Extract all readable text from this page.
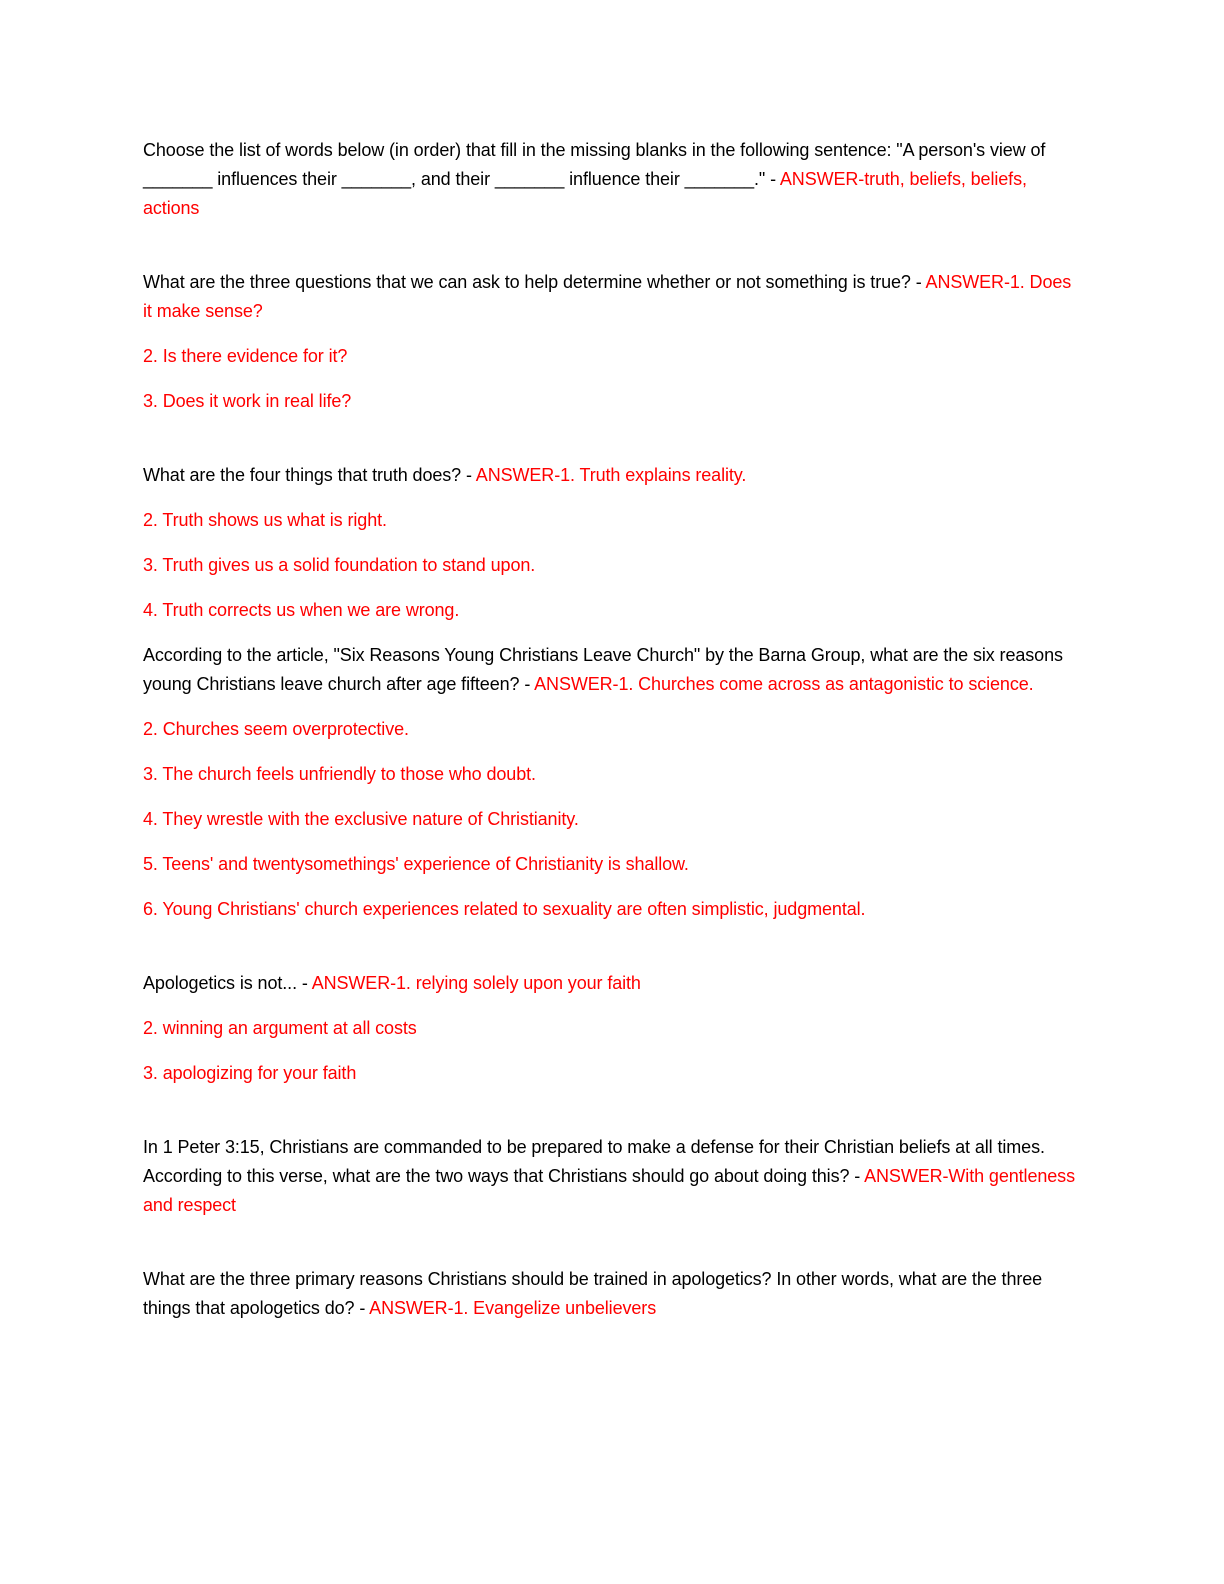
Choose the list of words below (in order) that fill in the missing blanks in the following sentence: "A person's view of _______ influences their _______, and their _______ influence their _______." - ANSWER-truth, beliefs, beliefs, actions

What are the three questions that we can ask to help determine whether or not something is true? - ANSWER-1. Does it make sense?

2. Is there evidence for it?

3. Does it work in real life?

What are the four things that truth does? - ANSWER-1. Truth explains reality.

2. Truth shows us what is right.

3. Truth gives us a solid foundation to stand upon.

4. Truth corrects us when we are wrong.

According to the article, "Six Reasons Young Christians Leave Church" by the Barna Group, what are the six reasons young Christians leave church after age fifteen? - ANSWER-1. Churches come across as antagonistic to science.

2. Churches seem overprotective.

3. The church feels unfriendly to those who doubt.

4. They wrestle with the exclusive nature of Christianity.

5. Teens' and twentysomethings' experience of Christianity is shallow.

6. Young Christians' church experiences related to sexuality are often simplistic, judgmental.

Apologetics is not... - ANSWER-1. relying solely upon your faith

2. winning an argument at all costs

3. apologizing for your faith

In 1 Peter 3:15, Christians are commanded to be prepared to make a defense for their Christian beliefs at all times. According to this verse, what are the two ways that Christians should go about doing this? - ANSWER-With gentleness and respect

What are the three primary reasons Christians should be trained in apologetics? In other words, what are the three things that apologetics do? - ANSWER-1. Evangelize unbelievers
